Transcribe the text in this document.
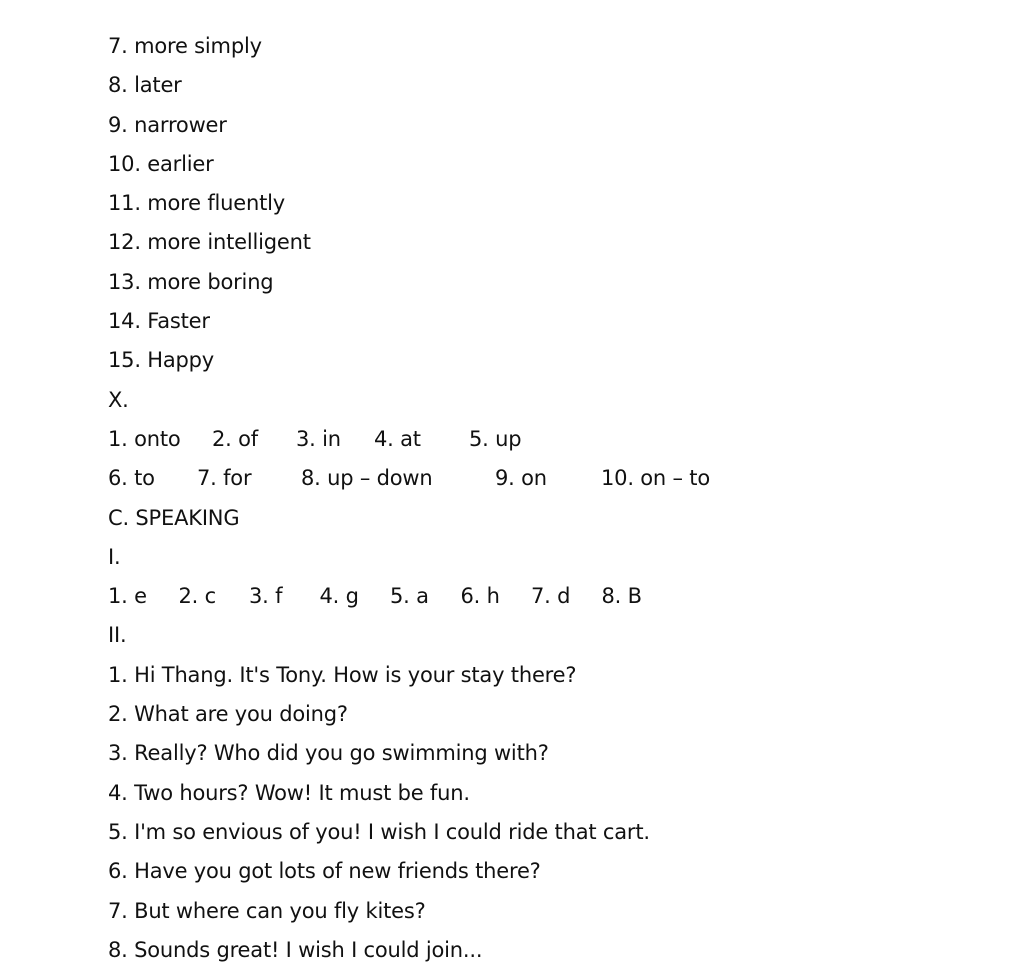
7. more simply
8. later
9. narrower
10. earlier
11. more fluently
12. more intelligent
13. more boring
14. Faster
15. Happy
X.
1. onto	2. of	3. in	4. at	5. up
6. to	7. for	8. up – down	9. on	10. on – to
C. SPEAKING
I.
1. e	2. c	3. f	4. g	5. a	6. h	7. d	8. B
II.
1. Hi Thang. It's Tony. How is your stay there?
2. What are you doing?
3. Really? Who did you go swimming with?
4. Two hours? Wow! It must be fun.
5. I'm so envious of you! I wish I could ride that cart.
6. Have you got lots of new friends there?
7. But where can you fly kites?
8. Sounds great! I wish I could join...
